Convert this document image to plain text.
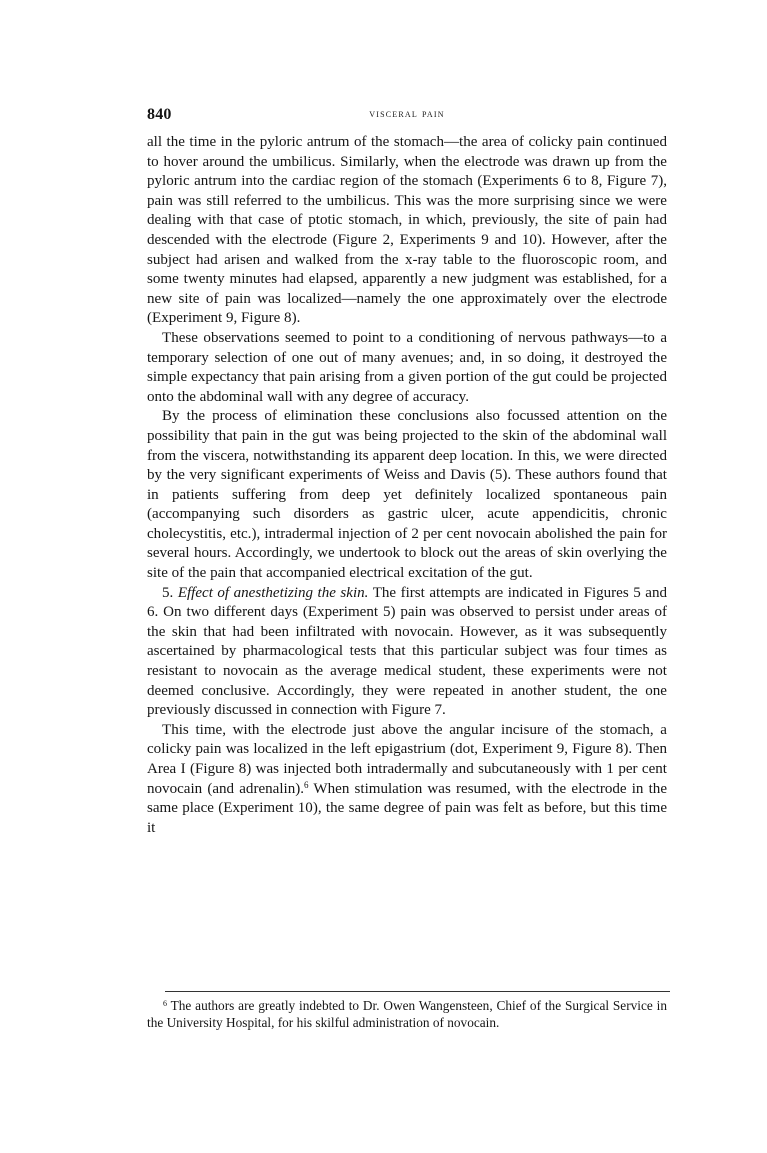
840	visceral pain

all the time in the pyloric antrum of the stomach—the area of colicky pain continued to hover around the umbilicus. Similarly, when the electrode was drawn up from the pyloric antrum into the cardiac region of the stomach (Experiments 6 to 8, Figure 7), pain was still referred to the umbilicus. This was the more surprising since we were dealing with that case of ptotic stomach, in which, previously, the site of pain had descended with the electrode (Figure 2, Experiments 9 and 10). However, after the subject had arisen and walked from the x-ray table to the fluoroscopic room, and some twenty minutes had elapsed, apparently a new judgment was established, for a new site of pain was localized—namely the one approximately over the electrode (Experiment 9, Figure 8).

These observations seemed to point to a conditioning of nervous pathways—to a temporary selection of one out of many avenues; and, in so doing, it destroyed the simple expectancy that pain arising from a given portion of the gut could be projected onto the abdominal wall with any degree of accuracy.

By the process of elimination these conclusions also focussed attention on the possibility that pain in the gut was being projected to the skin of the abdominal wall from the viscera, notwithstanding its apparent deep location. In this, we were directed by the very significant experiments of Weiss and Davis (5). These authors found that in patients suffering from deep yet definitely localized spontaneous pain (accompanying such disorders as gastric ulcer, acute appendicitis, chronic cholecystitis, etc.), intradermal injection of 2 per cent novocain abolished the pain for several hours. Accordingly, we undertook to block out the areas of skin overlying the site of the pain that accompanied electrical excitation of the gut.

5. Effect of anesthetizing the skin. The first attempts are indicated in Figures 5 and 6. On two different days (Experiment 5) pain was observed to persist under areas of the skin that had been infiltrated with novocain. However, as it was subsequently ascertained by pharmacological tests that this particular subject was four times as resistant to novocain as the average medical student, these experiments were not deemed conclusive. Accordingly, they were repeated in another student, the one previously discussed in connection with Figure 7.

This time, with the electrode just above the angular incisure of the stomach, a colicky pain was localized in the left epigastrium (dot, Experiment 9, Figure 8). Then Area I (Figure 8) was injected both intradermally and subcutaneously with 1 per cent novocain (and adrenalin).$^6$ When stimulation was resumed, with the electrode in the same place (Experiment 10), the same degree of pain was felt as before, but this time it

$^6$ The authors are greatly indebted to Dr. Owen Wangensteen, Chief of the Surgical Service in the University Hospital, for his skilful administration of novocain.
